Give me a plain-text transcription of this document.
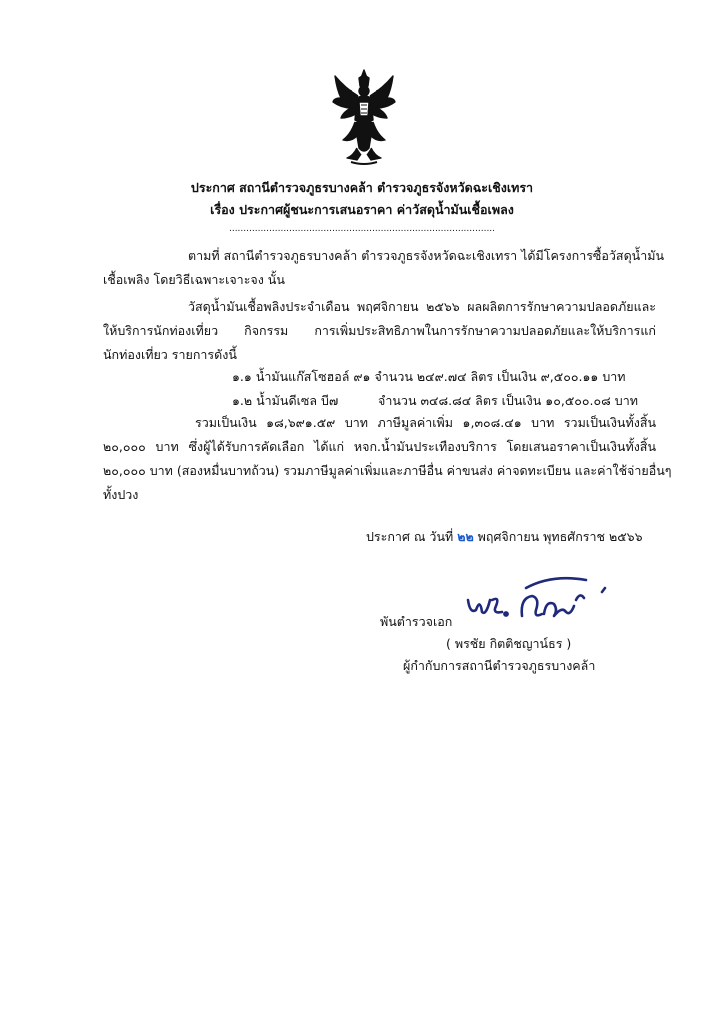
ประกาศ สถานีตำรวจภูธรบางคล้า ตำรวจภูธรจังหวัดฉะเชิงเทรา
เรื่อง ประกาศผู้ชนะการเสนอราคา ค่าวัสดุน้ำมันเชื้อเพลง
.............................................................................................
ตามที่ สถานีตำรวจภูธรบางคล้า ตำรวจภูธรจังหวัดฉะเชิงเทรา ได้มีโครงการซื้อวัสดุน้ำมัน
เชื้อเพลิง โดยวิธีเฉพาะเจาะจง นั้น
วัสดุน้ำมันเชื้อพลิงประจำเดือน พฤศจิกายน ๒๕๖๖ ผลผลิตการรักษาความปลอดภัยและ
ให้บริการนักท่องเที่ยว กิจกรรม การเพิ่มประสิทธิภาพในการรักษาความปลอดภัยและให้บริการแก่
นักท่องเที่ยว รายการดังนี้
๑.๑ น้ำมันแก๊สโซฮอล์ ๙๑ จำนวน ๒๔๙.๗๔ ลิตร เป็นเงิน ๙,๕๐๐.๑๑ บาท
๑.๒ น้ำมันดีเซล บี๗          จำนวน ๓๔๘.๘๔ ลิตร เป็นเงิน ๑๐,๕๐๐.๐๘ บาท
รวมเป็นเงิน ๑๘,๖๙๑.๕๙ บาท ภาษีมูลค่าเพิ่ม ๑,๓๐๘.๔๑ บาท รวมเป็นเงินทั้งสิ้น
๒๐,๐๐๐ บาท ซึ่งผู้ได้รับการคัดเลือก ได้แก่ หจก.น้ำมันประเทืองบริการ โดยเสนอราคาเป็นเงินทั้งสิ้น
๒๐,๐๐๐ บาท (สองหมื่นบาทถ้วน) รวมภาษีมูลค่าเพิ่มและภาษีอื่น ค่าขนส่ง ค่าจดทะเบียน และค่าใช้จ่ายอื่นๆ
ทั้งปวง
ประกาศ ณ วันที่ ๒๒ พฤศจิกายน พุทธศักราช ๒๕๖๖
พันตำรวจเอก
( พรชัย กิตติชญาน์ธร )
ผู้กำกับการสถานีตำรวจภูธรบางคล้า
